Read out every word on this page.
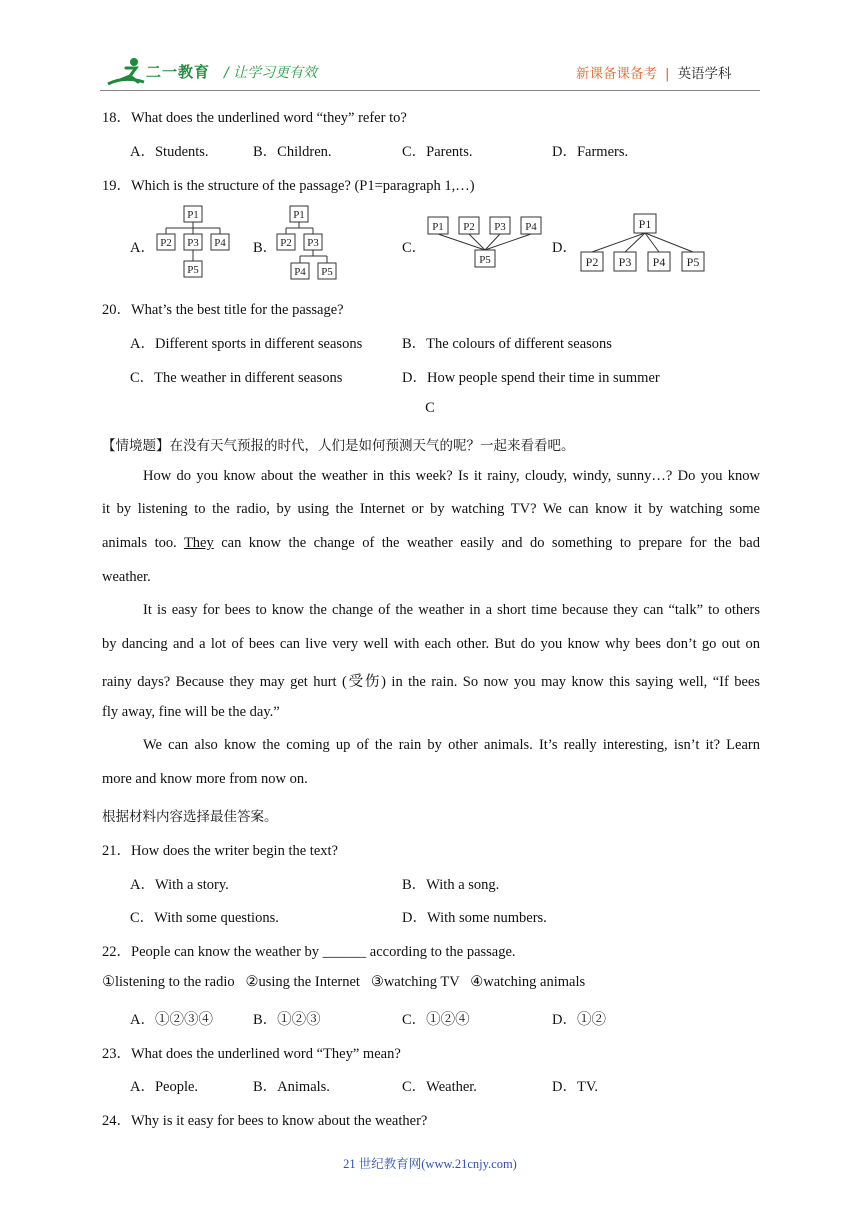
二一教育 / 让学习更有效	新课备课备考 | 英语学科
18．What does the underlined word “they” refer to?
A．Students.	B．Children.	C．Parents.	D．Farmers.
19．Which is the structure of the passage? (P1=paragraph 1,…)
A．	B．	C．	D．
P1
P2 P3 P4
P5
P1
P2 P3
P4 P5
P1 P2 P3 P4
P5
P1
P2 P3 P4 P5
20．What’s the best title for the passage?
A．Different sports in different seasons	B．The colours of different seasons
C．The weather in different seasons	D．How people spend their time in summer
C
【情境题】在没有天气预报的时代，人们是如何预测天气的呢？一起来看看吧。
How do you know about the weather in this week? Is it rainy, cloudy, windy, sunny…? Do you know
it by listening to the radio, by using the Internet or by watching TV? We can know it by watching some
animals too. They can know the change of the weather easily and do something to prepare for the bad
weather.
It is easy for bees to know the change of the weather in a short time because they can “talk” to others
by dancing and a lot of bees can live very well with each other. But do you know why bees don’t go out on
rainy days? Because they may get hurt (受伤) in the rain. So now you may know this saying well, “If bees
fly away, fine will be the day.”
We can also know the coming up of the rain by other animals. It’s really interesting, isn’t it? Learn
more and know more from now on.
根据材料内容选择最佳答案。
21．How does the writer begin the text?
A．With a story.	B．With a song.
C．With some questions.	D．With some numbers.
22．People can know the weather by ______ according to the passage.
①listening to the radio   ②using the Internet   ③watching TV   ④watching animals
A．①②③④	B．①②③	C．①②④	D．①②
23．What does the underlined word “They” mean?
A．People.	B．Animals.	C．Weather.	D．TV.
24．Why is it easy for bees to know about the weather?
21 世纪教育网(www.21cnjy.com)
